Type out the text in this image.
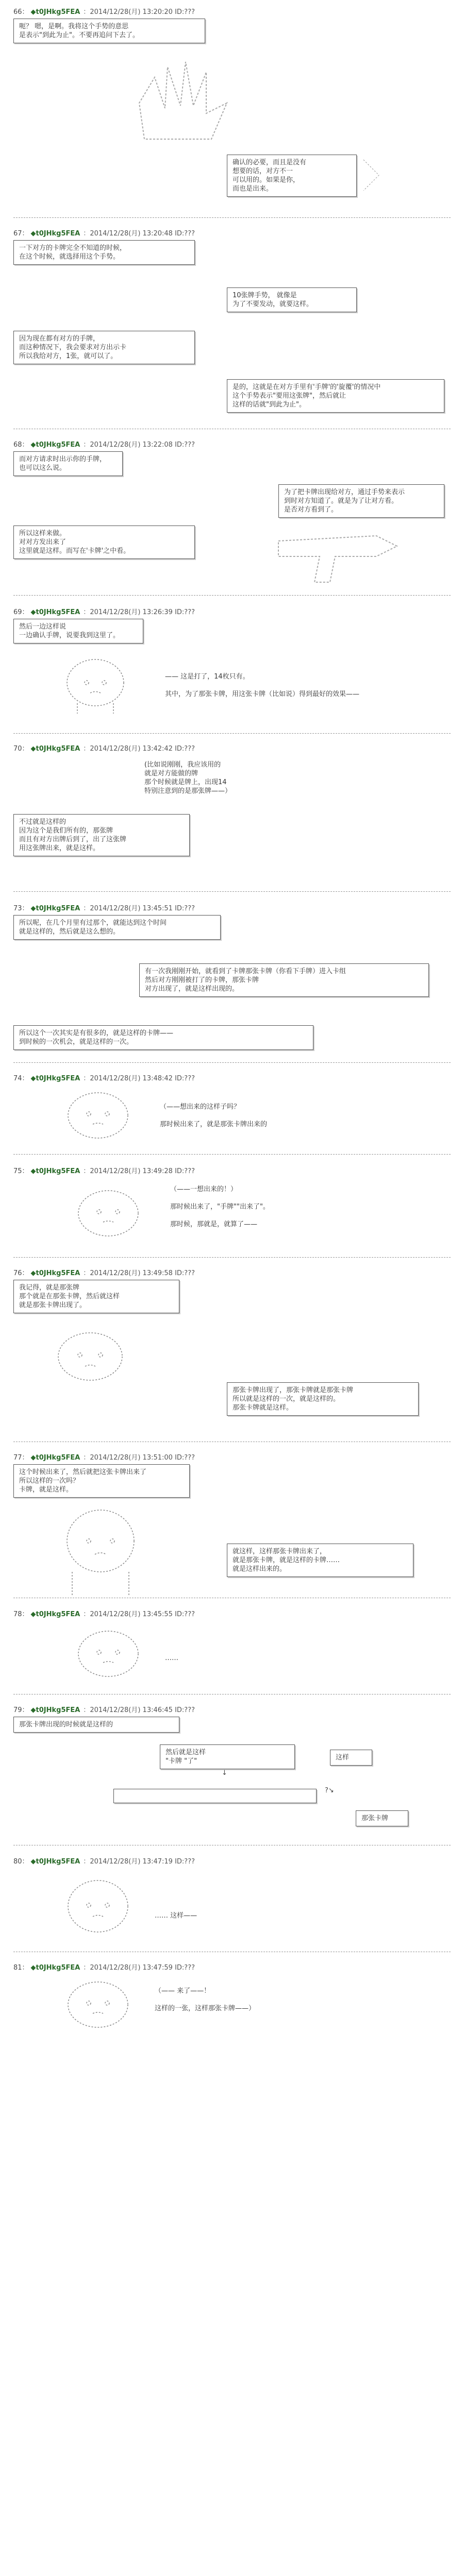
66： ◆t0JHkg5FEA ：2014/12/28(月) 13:20:20 ID:???
呃？ 嗯，是啊。我将这个手势的意思
是表示"到此为止"。不要再追问下去了。
确认的必要，而且是没有
想要的话，对方不一
可以用的。如果是你，
而也是出来。
67： ◆t0JHkg5FEA ：2014/12/28(月) 13:20:48 ID:???
一下对方的卡牌完全不知道的时候，
在这个时候，就选择用这个手势。
10张牌手势， 就像是
为了不要发动，就要这样。
因为现在都有对方的手牌，
而这种情况下，我会要求对方出示卡
所以我给对方，1张，就可以了。
是的，这就是在对方手里有'手牌'的'旋覆'的情况中
这个手势表示"要用这张牌"，然后就让
这样的话就"到此为止"。
68： ◆t0JHkg5FEA ：2014/12/28(月) 13:22:08 ID:???
而对方请求时出示你的手牌，
也可以这么说。
为了把卡牌出现给对方，通过手势来表示
到时对方知道了。就是为了让对方看。
是否对方看到了。
所以这样来做。
对对方发出来了
这里就是这样。而写在'卡牌'之中看。
69： ◆t0JHkg5FEA ：2014/12/28(月) 13:26:39 ID:???
然后一边这样说
一边确认手牌，说要我到这里了。
—— 这是打了，14枚只有。

其中，为了那张卡牌，用这张卡牌（比如说）得到最好的效果——
70： ◆t0JHkg5FEA ：2014/12/28(月) 13:42:42 ID:???
(比如说刚刚，我应该用的
就是对方能做的牌
那个时候就是牌上，出现14
特别注意到的是那张牌——）
不过就是这样的
因为这个是我们所有的，那张牌
而且有对方出牌后到了，出了这张牌
用这张牌出来，就是这样。
73： ◆t0JHkg5FEA ：2014/12/28(月) 13:45:51 ID:???
所以呢，在几个月里有过那个，就能达到这个时间
就是这样的，然后就是这么想的。
有一次我刚刚开始，就看到了卡牌那张卡牌（你看下手牌）进入卡组
然后对方刚刚被打了的卡牌，那张卡牌
对方出现了，就是这样出现的。
所以这个一次其实是有很多的，就是这样的卡牌——
到时候的一次机会，就是这样的一次。
74： ◆t0JHkg5FEA ：2014/12/28(月) 13:48:42 ID:???
（——想出来的这样子吗？

那时候出来了，就是那张卡牌出来的
75： ◆t0JHkg5FEA ：2014/12/28(月) 13:49:28 ID:???
（——一想出来的！）

那时候出来了，"手牌""出来了"。

那时候，那就是，就算了——
76： ◆t0JHkg5FEA ：2014/12/28(月) 13:49:58 ID:???
我记得，就是那张牌
那个就是在那张卡牌，然后就这样
就是那张卡牌出现了。
那张卡牌出现了，那张卡牌就是那张卡牌
所以就是这样的一次，就是这样的。
那张卡牌就是这样。
77： ◆t0JHkg5FEA ：2014/12/28(月) 13:51:00 ID:???
这个时候出来了，然后就把这张卡牌出来了
所以这样的一次吗？
卡牌，就是这样。
就这样，这样那张卡牌出来了，
就是那张卡牌，就是这样的卡牌……
就是这样出来的。
78： ◆t0JHkg5FEA ：2014/12/28(月) 13:45:55 ID:???
……
79： ◆t0JHkg5FEA ：2014/12/28(月) 13:46:45 ID:???
那张卡牌出现的时候就是这样的
然后就是这样
"卡牌 "了"	这样
↓
?↘
那张卡牌
80： ◆t0JHkg5FEA ：2014/12/28(月) 13:47:19 ID:???
…… 这样——
81： ◆t0JHkg5FEA ：2014/12/28(月) 13:47:59 ID:???
（—— 来了——！

这样的一张，这样那张卡牌——）
